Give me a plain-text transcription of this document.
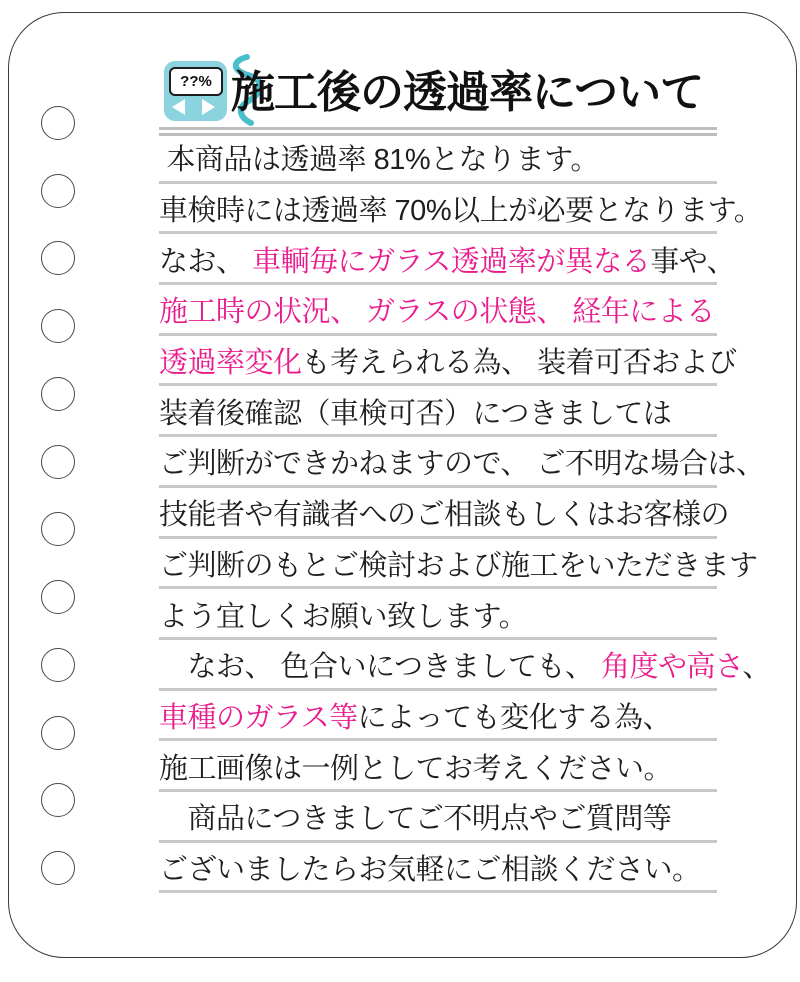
??% 施工後の透過率について
本商品は透過率 81%となります。
車検時には透過率 70%以上が必要となります。
なお、 車輌毎にガラス透過率が異なる事や、
施工時の状況、 ガラスの状態、 経年による
透過率変化も考えられる為、 装着可否および
装着後確認（車検可否）につきましては
ご判断ができかねますので、 ご不明な場合は、
技能者や有識者へのご相談もしくはお客様の
ご判断のもとご検討および施工をいただきます
よう宜しくお願い致します。
　なお、 色合いにつきましても、 角度や高さ、
車種のガラス等によっても変化する為、
施工画像は一例としてお考えください。
　商品につきましてご不明点やご質問等
ございましたらお気軽にご相談ください。
